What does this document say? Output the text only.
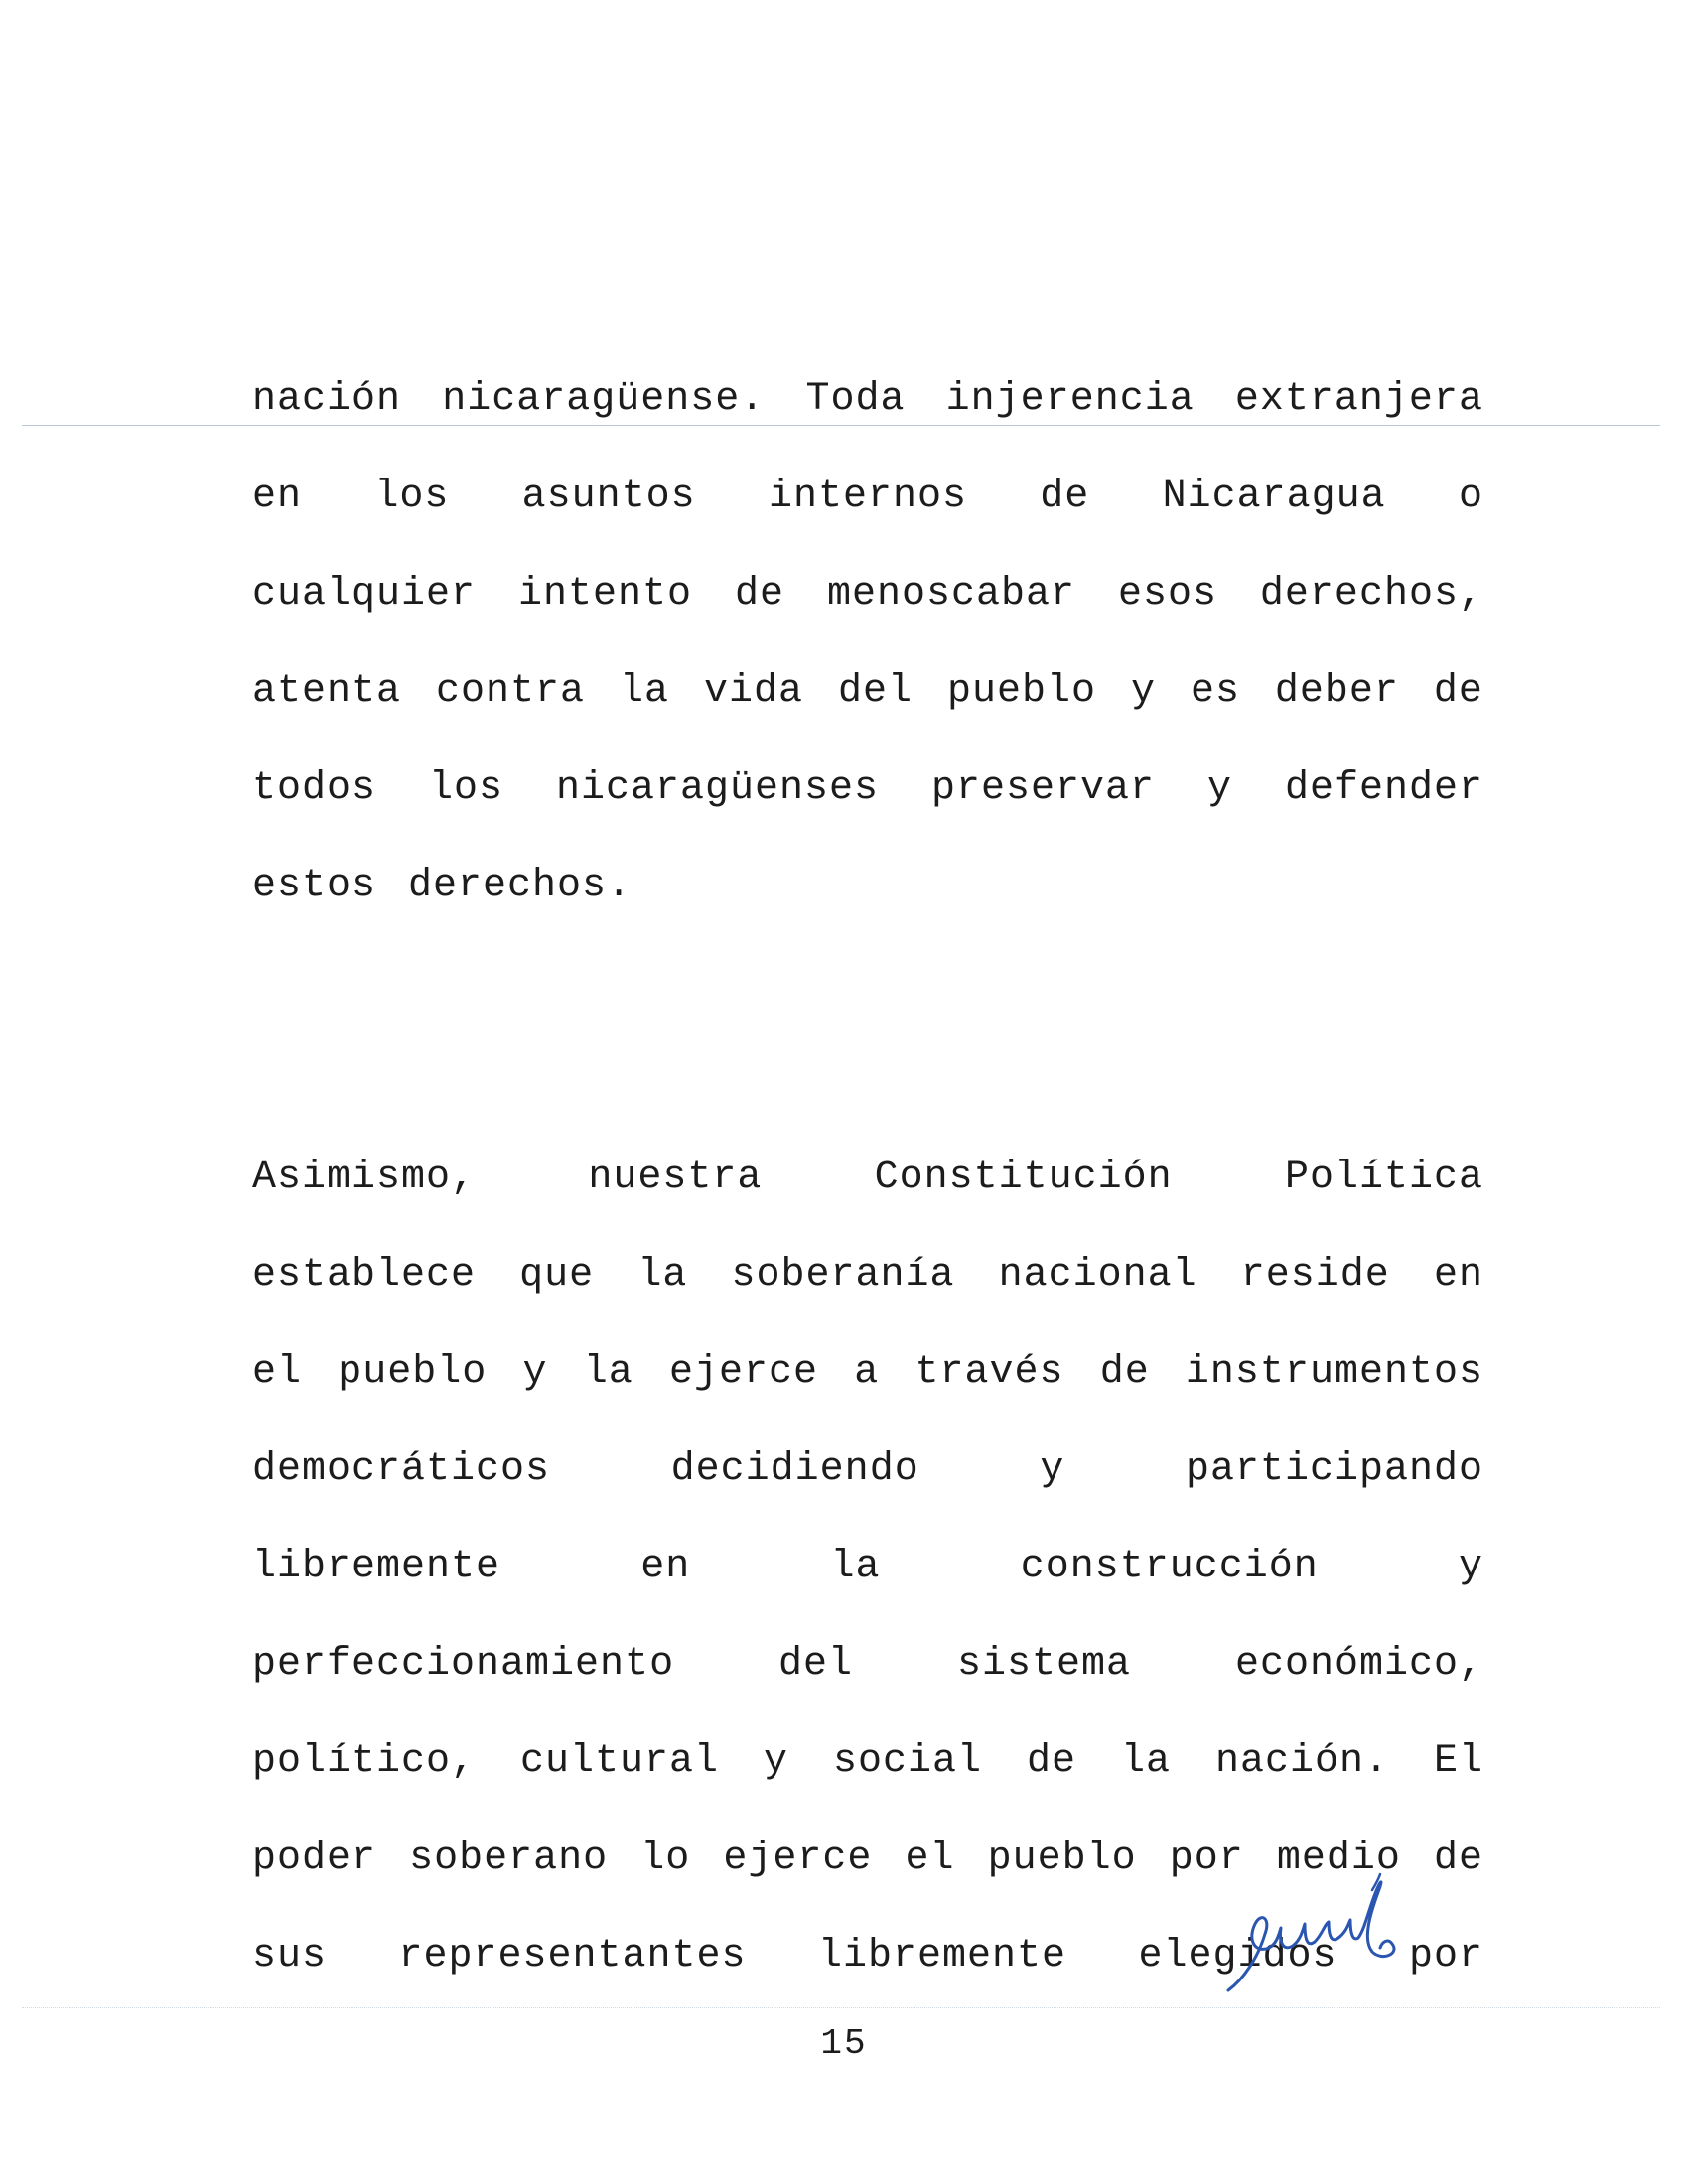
nación nicaragüense. Toda injerencia extranjera
en los asuntos internos de Nicaragua o
cualquier intento de menoscabar esos derechos,
atenta contra la vida del pueblo y es deber de
todos los nicaragüenses preservar y defender
estos derechos.
Asimismo,	nuestra	Constitución	Política
establece que la soberanía nacional reside en
el pueblo y la ejerce a través de instrumentos
democráticos	decidiendo	y	participando
libremente	en	la	construcción	y
perfeccionamiento	del	sistema	económico,
político, cultural y social de la nación. El
poder soberano lo ejerce el pueblo por medio de
sus representantes libremente elegidos por
15
